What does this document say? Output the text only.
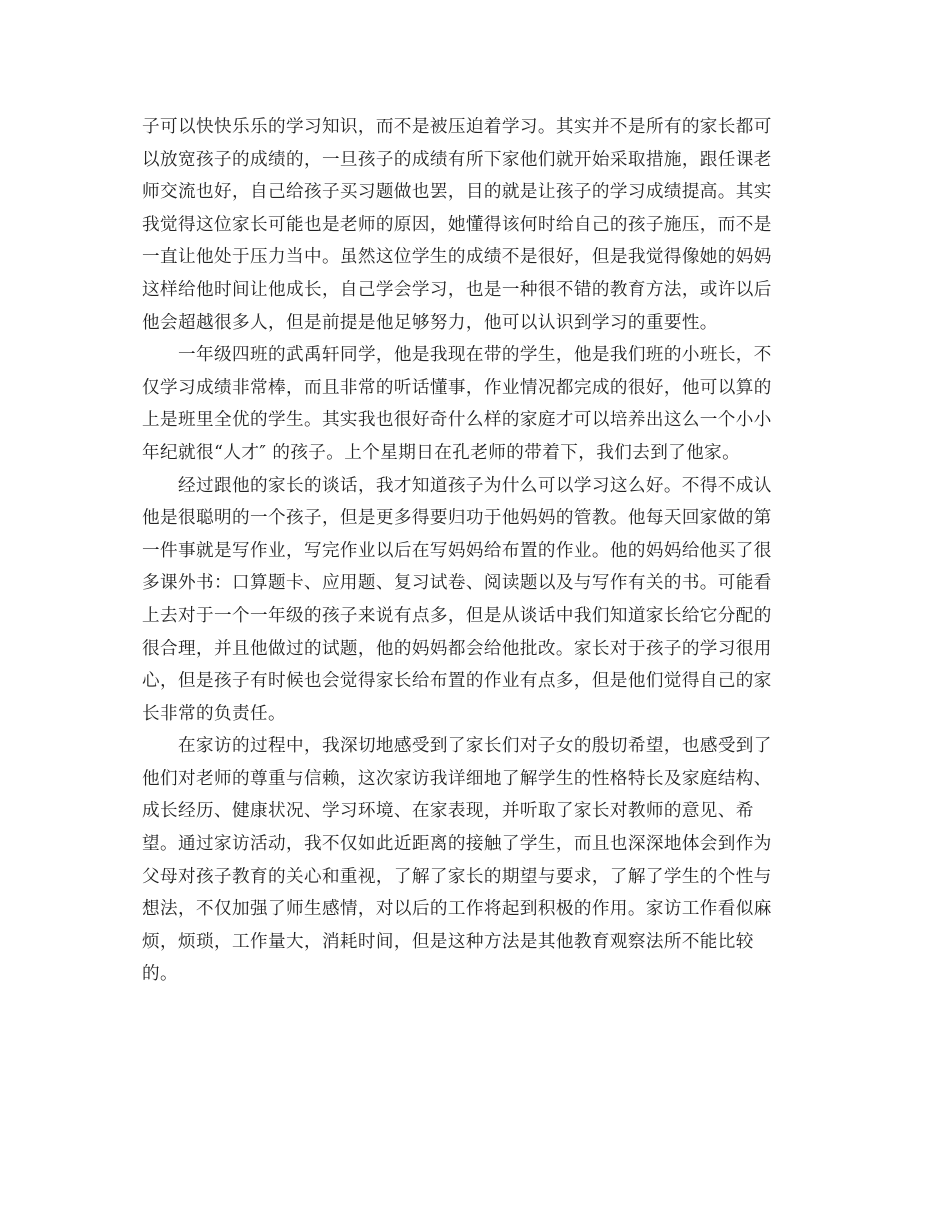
子可以快快乐乐的学习知识，而不是被压迫着学习。其实并不是所有的家长都可
以放宽孩子的成绩的，一旦孩子的成绩有所下家他们就开始采取措施，跟任课老
师交流也好，自己给孩子买习题做也罢，目的就是让孩子的学习成绩提高。其实
我觉得这位家长可能也是老师的原因，她懂得该何时给自己的孩子施压，而不是
一直让他处于压力当中。虽然这位学生的成绩不是很好，但是我觉得像她的妈妈
这样给他时间让他成长，自己学会学习，也是一种很不错的教育方法，或许以后
他会超越很多人，但是前提是他足够努力，他可以认识到学习的重要性。

一年级四班的武禹轩同学，他是我现在带的学生，他是我们班的小班长，不
仅学习成绩非常棒，而且非常的听话懂事，作业情况都完成的很好，他可以算的
上是班里全优的学生。其实我也很好奇什么样的家庭才可以培养出这么一个小小
年纪就很“人才″ 的孩子。上个星期日在孔老师的带着下，我们去到了他家。

经过跟他的家长的谈话，我才知道孩子为什么可以学习这么好。不得不成认
他是很聪明的一个孩子，但是更多得要归功于他妈妈的管教。他每天回家做的第
一件事就是写作业，写完作业以后在写妈妈给布置的作业。他的妈妈给他买了很
多课外书：口算题卡、应用题、复习试卷、阅读题以及与写作有关的书。可能看
上去对于一个一年级的孩子来说有点多，但是从谈话中我们知道家长给它分配的
很合理，并且他做过的试题，他的妈妈都会给他批改。家长对于孩子的学习很用
心，但是孩子有时候也会觉得家长给布置的作业有点多，但是他们觉得自己的家
长非常的负责任。

在家访的过程中，我深切地感受到了家长们对子女的殷切希望，也感受到了
他们对老师的尊重与信赖，这次家访我详细地了解学生的性格特长及家庭结构、
成长经历、健康状况、学习环境、在家表现，并听取了家长对教师的意见、希
望。通过家访活动，我不仅如此近距离的接触了学生，而且也深深地体会到作为
父母对孩子教育的关心和重视，了解了家长的期望与要求，了解了学生的个性与
想法，不仅加强了师生感情，对以后的工作将起到积极的作用。家访工作看似麻
烦，烦琐，工作量大，消耗时间，但是这种方法是其他教育观察法所不能比较
的。
